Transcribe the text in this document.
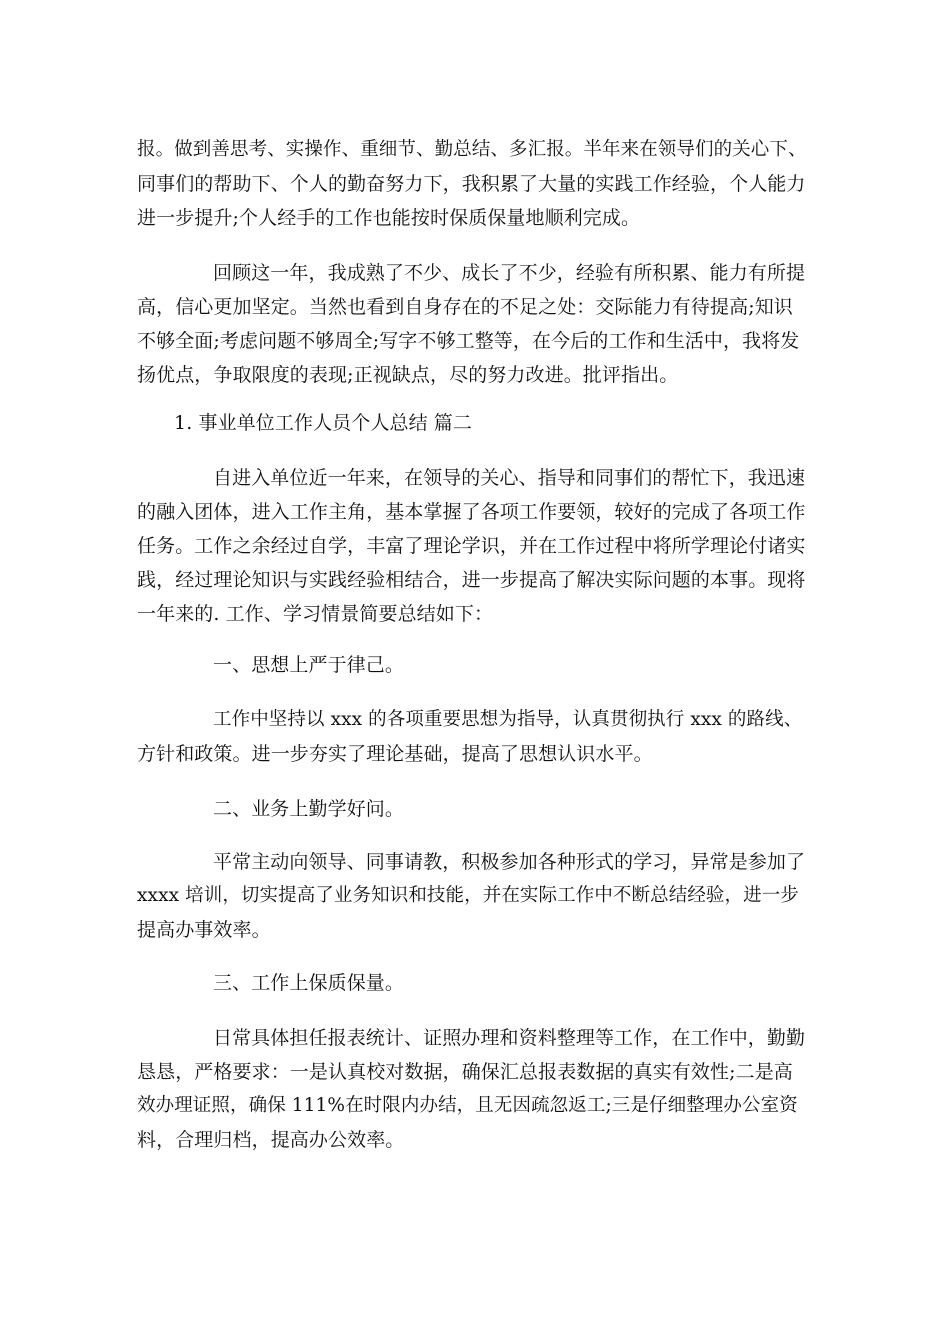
报。做到善思考、实操作、重细节、勤总结、多汇报。半年来在领导们的关心下、
同事们的帮助下、个人的勤奋努力下，我积累了大量的实践工作经验，个人能力
进一步提升;个人经手的工作也能按时保质保量地顺利完成。
回顾这一年，我成熟了不少、成长了不少，经验有所积累、能力有所提
高，信心更加坚定。当然也看到自身存在的不足之处：交际能力有待提高;知识
不够全面;考虑问题不够周全;写字不够工整等，在今后的工作和生活中，我将发
扬优点，争取限度的表现;正视缺点，尽的努力改进。批评指出。
1. 事业单位工作人员个人总结 篇二
自进入单位近一年来，在领导的关心、指导和同事们的帮忙下，我迅速
的融入团体，进入工作主角，基本掌握了各项工作要领，较好的完成了各项工作
任务。工作之余经过自学，丰富了理论学识，并在工作过程中将所学理论付诸实
践，经过理论知识与实践经验相结合，进一步提高了解决实际问题的本事。现将
一年来的. 工作、学习情景简要总结如下：
一、思想上严于律己。
工作中坚持以 xxx 的各项重要思想为指导，认真贯彻执行 xxx 的路线、
方针和政策。进一步夯实了理论基础，提高了思想认识水平。
二、业务上勤学好问。
平常主动向领导、同事请教，积极参加各种形式的学习，异常是参加了
xxxx 培训，切实提高了业务知识和技能，并在实际工作中不断总结经验，进一步
提高办事效率。
三、工作上保质保量。
日常具体担任报表统计、证照办理和资料整理等工作，在工作中，勤勤
恳恳，严格要求：一是认真校对数据，确保汇总报表数据的真实有效性;二是高
效办理证照，确保 111%在时限内办结，且无因疏忽返工;三是仔细整理办公室资
料，合理归档，提高办公效率。
